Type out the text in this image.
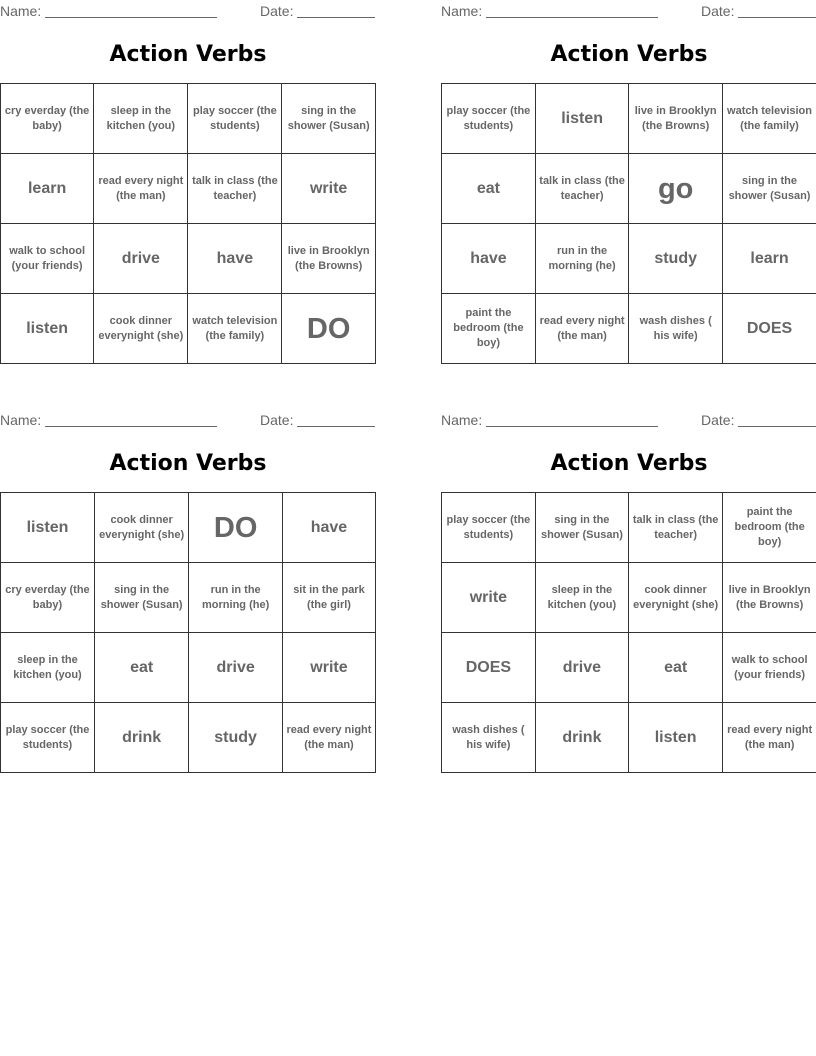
Name:	Date:
Action Verbs
cry everday (the baby)	sleep in the kitchen (you)	play soccer (the students)	sing in the shower (Susan)
learn	read every night (the man)	talk in class (the teacher)	write
walk to school (your friends)	drive	have	live in Brooklyn (the Browns)
listen	cook dinner everynight (she)	watch television (the family)	DO
Name:	Date:
Action Verbs
play soccer (the students)	listen	live in Brooklyn (the Browns)	watch television (the family)
eat	talk in class (the teacher)	go	sing in the shower (Susan)
have	run in the morning (he)	study	learn
paint the bedroom (the boy)	read every night (the man)	wash dishes ( his wife)	DOES
Name:	Date:
Action Verbs
listen	cook dinner everynight (she)	DO	have
cry everday (the baby)	sing in the shower (Susan)	run in the morning (he)	sit in the park (the girl)
sleep in the kitchen (you)	eat	drive	write
play soccer (the students)	drink	study	read every night (the man)
Name:	Date:
Action Verbs
play soccer (the students)	sing in the shower (Susan)	talk in class (the teacher)	paint the bedroom (the boy)
write	sleep in the kitchen (you)	cook dinner everynight (she)	live in Brooklyn (the Browns)
DOES	drive	eat	walk to school (your friends)
wash dishes ( his wife)	drink	listen	read every night (the man)
